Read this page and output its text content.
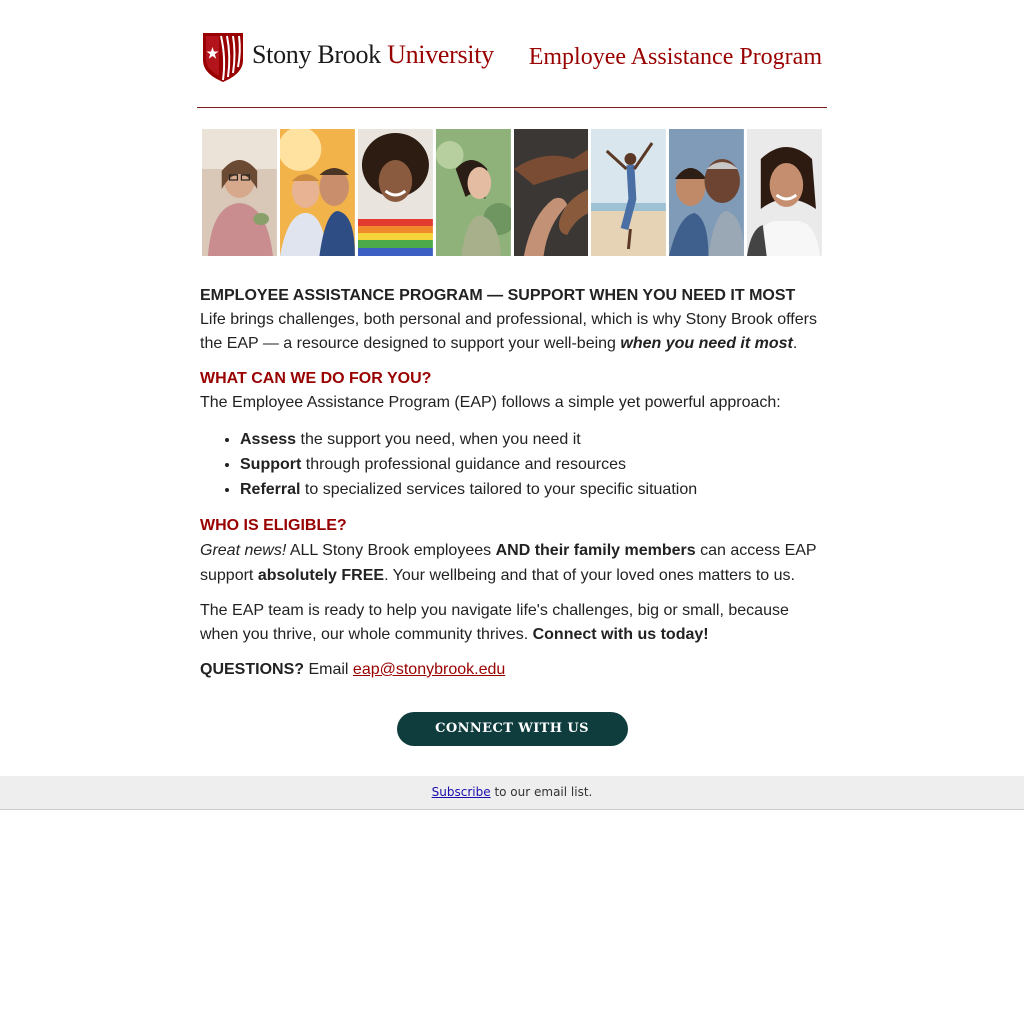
Stony Brook University Employee Assistance Program

EMPLOYEE ASSISTANCE PROGRAM — SUPPORT WHEN YOU NEED IT MOST

Life brings challenges, both personal and professional, which is why Stony Brook offers the EAP — a resource designed to support your well-being when you need it most.

WHAT CAN WE DO FOR YOU?

The Employee Assistance Program (EAP) follows a simple yet powerful approach:

• Assess the support you need, when you need it
• Support through professional guidance and resources
• Referral to specialized services tailored to your specific situation

WHO IS ELIGIBLE?

Great news! ALL Stony Brook employees AND their family members can access EAP support absolutely FREE. Your wellbeing and that of your loved ones matters to us.

The EAP team is ready to help you navigate life's challenges, big or small, because when you thrive, our whole community thrives. Connect with us today!

QUESTIONS? Email eap@stonybrook.edu

CONNECT WITH US TODAY!
Subscribe to our email list.
